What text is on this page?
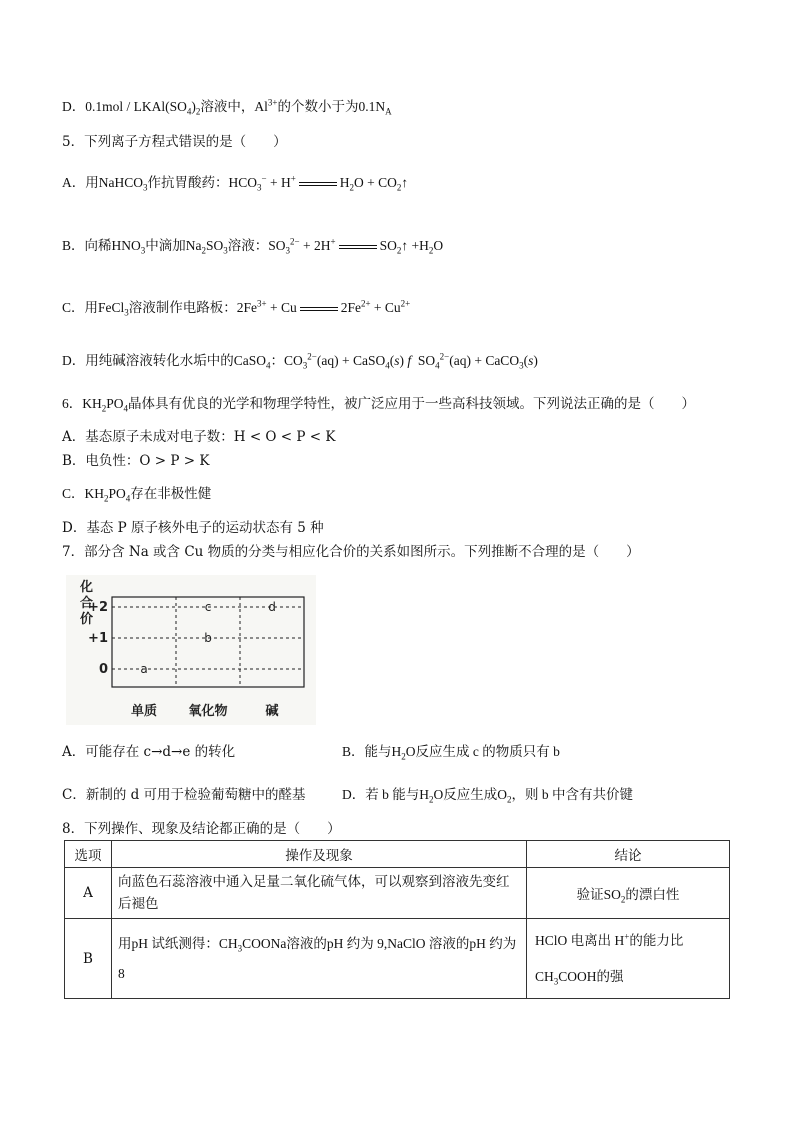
D．$0.1mol / LKAl(SO_4)_2$溶液中，$Al^{3+}$的个数小于为$0.1N_A$
5．下列离子方程式错误的是（　　）
A．用NaHCO$_3$作抗胃酸药：$HCO_3^- + H^+$	$H_2O$ + $CO_2↑$
B．向稀$HNO_3$中滴加$Na_2SO_3$溶液：$SO_3^{2-} + 2H^+$	$SO_2↑ +H_2O$
C．用FeCl$_3$溶液制作电路板：$2Fe^{3+} + Cu$	$2Fe^{2+} + Cu^{2+}$
D．用纯碱溶液转化水垢中的CaSO$_4$：$CO_3^{2-}(aq)$ + CaSO$_4$(s) f  $SO_4^{2-}(aq)$ + CaCO$_3$(s)
6．$KH_2PO_4$晶体具有优良的光学和物理学特性，被广泛应用于一些高科技领域。下列说法正确的是（　　）
A．基态原子未成对电子数：H < O < P < K
B．电负性：O > P > K
C．$KH_2PO_4$存在非极性健
D．基态 P 原子核外电子的运动状态有 5 种
7．部分含 Na 或含 Cu 物质的分类与相应化合价的关系如图所示。下列推断不合理的是（　　）
化
合
价
+2
+1
0
单质 氧化物	碱
a
b
c	d
A．可能存在 c→d→e 的转化	B．能与$H_2O$反应生成 c 的物质只有 b
C．新制的 d 可用于检验葡萄糖中的醛基	D．若 b 能与$H_2O$反应生成$O_2$，则 b 中含有共价键
8．下列操作、现象及结论都正确的是（　　）
选项	操作及现象	结论
A	向蓝色石蕊溶液中通入足量二氧化硫气体，可以观察到溶液先变红后褪色	验证$SO_2$的漂白性
B	用pH 试纸测得：$CH_3COONa$溶液的pH 约为 9,NaClO 溶液的pH 约为 8	HClO 电离出 H+的能力比
$CH_3COOH$的强
